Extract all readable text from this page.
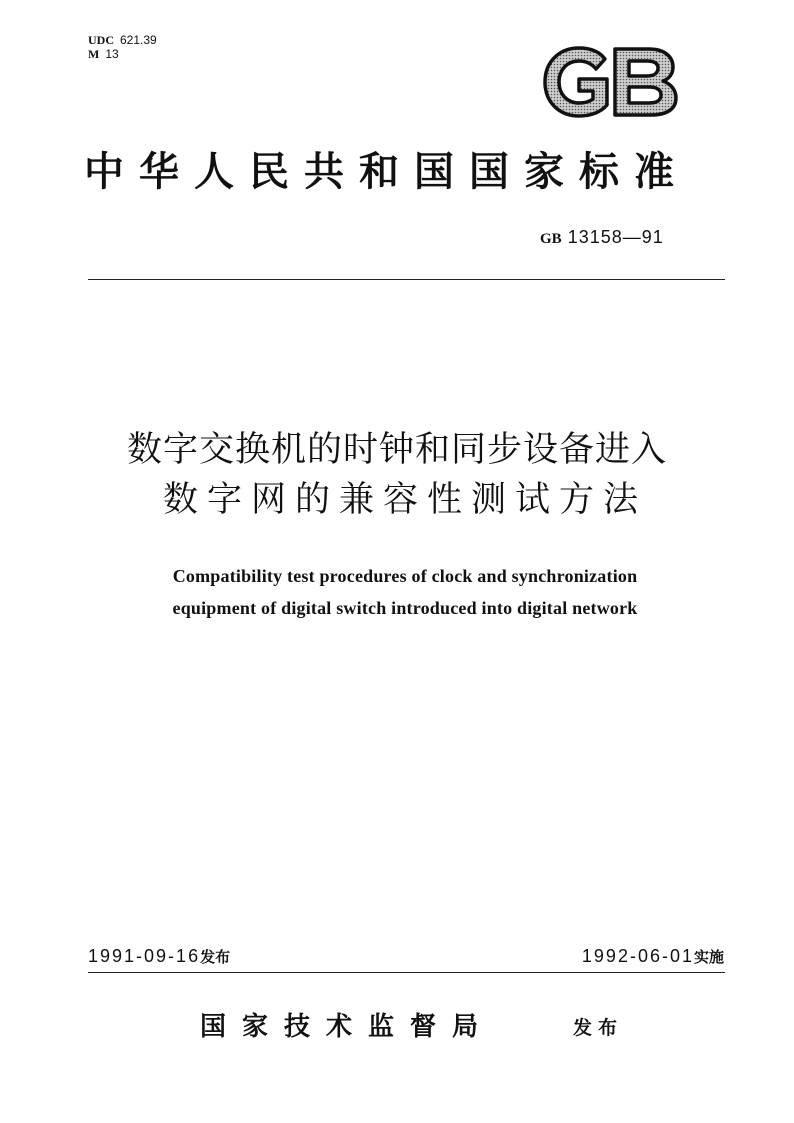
UDC 621.39
M 13
中华人民共和国国家标准
GB 13158—91
数字交换机的时钟和同步设备进入
数字网的兼容性测试方法
Compatibility test procedures of clock and synchronization
equipment of digital switch introduced into digital network
1991-09-16发布	1992-06-01实施
国家技术监督局	发布
